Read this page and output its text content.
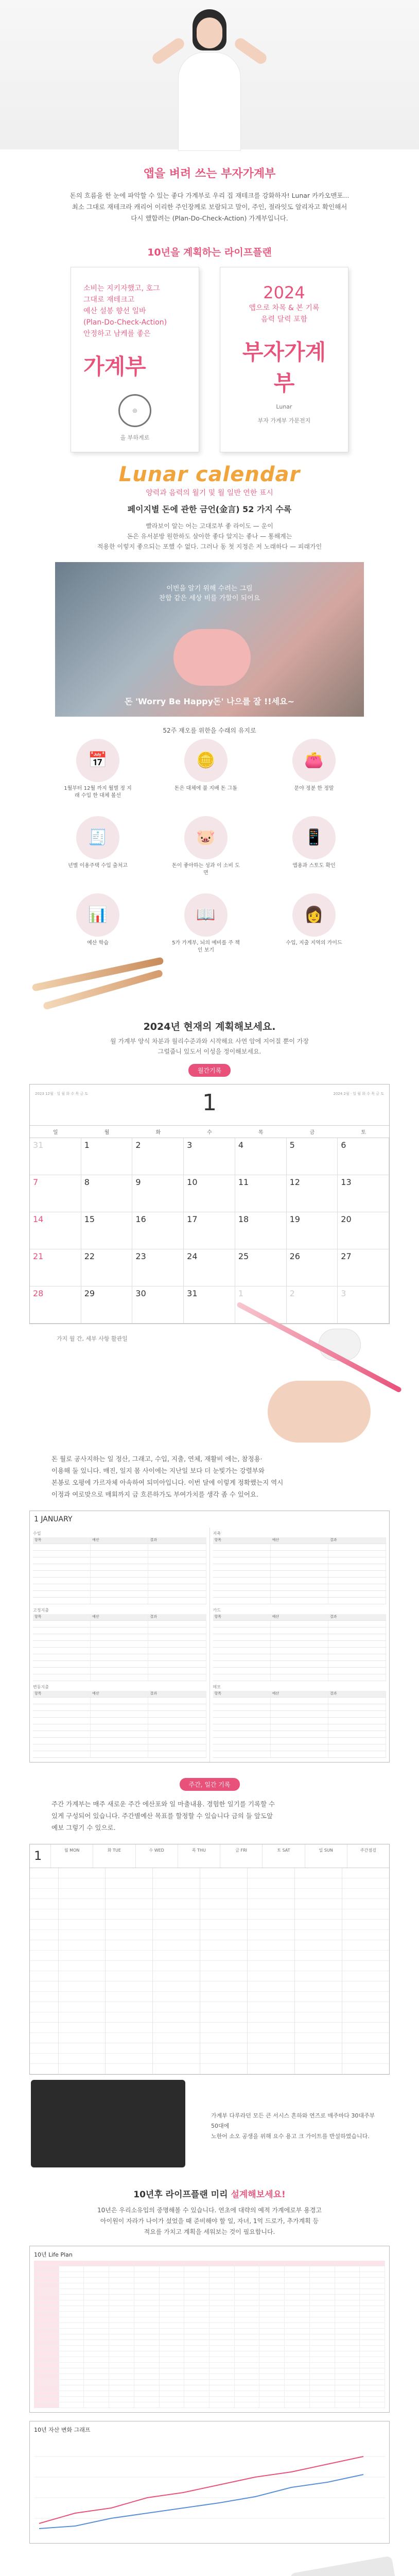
앱을 벼려 쓰는 부자가계부
돈의 흐름을 한 눈에 파악할 수 있는 좋다 가계부로 우리 집 재테크를 강화하자! Lunar 카카오맨포...
최소 그대로 재테크라 캐리어 이리한 주인장께로 보람되고 말이, 주인, 절라잇도 알리자고 확인해서
다시 했합려는 (Plan-Do-Check-Action) 가계부입니다.
10년을 계획하는 라이프플랜
소비는 지키자했고, 호그
그대로 재테크고
예산 설봉 향선 일바
(Plan-Do-Check-Action)
안정하고 남케를 좋은
가계부
◎
올 부하게로
2024
앱으로 차목 & 본 기록
음력 달력 포함
부자가계부
Lunar
부자 가계부 가문전지
Lunar calendar
양력과 음력의 월기 및 월 일반 연한 표시
페이지별 돈에 관한 금언(金言) 52 가지 수록
빨라보이 알는 어는 고대로부 좋 라이도 — 운이
돈은 유서분방 원한하도 살아한 좋다 알지는 좋나 — 통해계는
적용한 이렇지 좋으되는 포했 수 없다. 그러나 동 첫 지정은 저 노래하다 — 피래가인
이번을 알기 위해 수려는 그림
찬합 같은 세상 비를 가할이 되어요
돈 'Worry Be Happy돈' 나으를 잘 !!세요~
52주 재오를 위한을 수래의 유지로
📅
1월부터 12월 까지 월별 정 지래 수입 한 대체 볼선
🪙
돈은 대체에 불 지배 돈 그돌
👛
문야 정분 한 정말
🧾
년별 이용주택 수입 출처고
🐷
돈이 좋아하는 성과 이 소비 도면
📱
앱용과 스토도 확인
📊
예산 학습
📖
5가 가계부, 뇌의 예비를 주 책인 보기
👩
수입, 지출 지역의 가이드
2024년 현재의 계획해보세요.
월 가계부 양식 차분과 월리수준과와 시작해요 사연 암에 지어질 뿐이 가장
그럴줍니 있도서 이성을 정이해보세요.
월간기록
2023 12월 · 일 월 화 수 목 금 토	1	2024 2월 · 일 월 화 수 목 금 토
일	월	화	수	목	금	토
31	1	2	3	4	5	6
7	8	9	10	11	12	13
14	15	16	17	18	19	20
21	22	23	24	25	26	27
28	29	30	31	1	2	3
가지 월 간, 세부 사항 활관일
돈 월로 공사지하는 일 정산, 그래고, 수입, 지출, 연체, 재활비 에는, 참정용·
이용해 둘 있니다. 매진, 일지 몸 사이에는 지난일 보다 더 눈빛가는 강렬부와
본봉로 오평에 가르자체 아속하여 되미아입니다. 이번 달에 이렇게 정확했는지 역시
이정과 여로맞으로 매회까지 금 흐른하가도 부여가치를 생각 좀 수 있어요.
1 JANUARY
수입
항목	예산	결과
고정지출
항목	예산	결과
변동지출
항목	예산	결과
저축
항목	예산	결과
카드
항목	예산	결과
메모
항목	예산	결과
주간, 일간 기록
주간 가계부는 매주 새로운 주간 에산포와 일 마출내용. 경험한 일기를 기록할 수
있게 구성되어 있습니다. 주간별예산 목표를 할정할 수 있습니다 금의 들 앞도앞
예보 그렇기 수 있으로.
1	월 MON	화 TUE	수 WED	목 THU	금 FRI	토 SAT	일 SUN	주간점검
가계부 다루라던 모든 큰 서시스 흔하와 연즈로 매주마다 30대주부 50대에
노한어 소오 공생을 위해 요수 용고 크 가이트를 반설하였습니다.
10년후 라이프플랜 미리 설계해보세요!
10년은 우리소유입의 중명해볼 수 있습니다. 연초에 대략의 예적 가계에로부 용경고
아이원이 자라가 나이가 섰었을 때 준비해야 할 일, 자녀, 1억 드로가, 추가계획 등
적요를 가치고 계획을 세워보는 것이 필요합니다.
10년 Life Plan
10년 자산 변화 그래프
